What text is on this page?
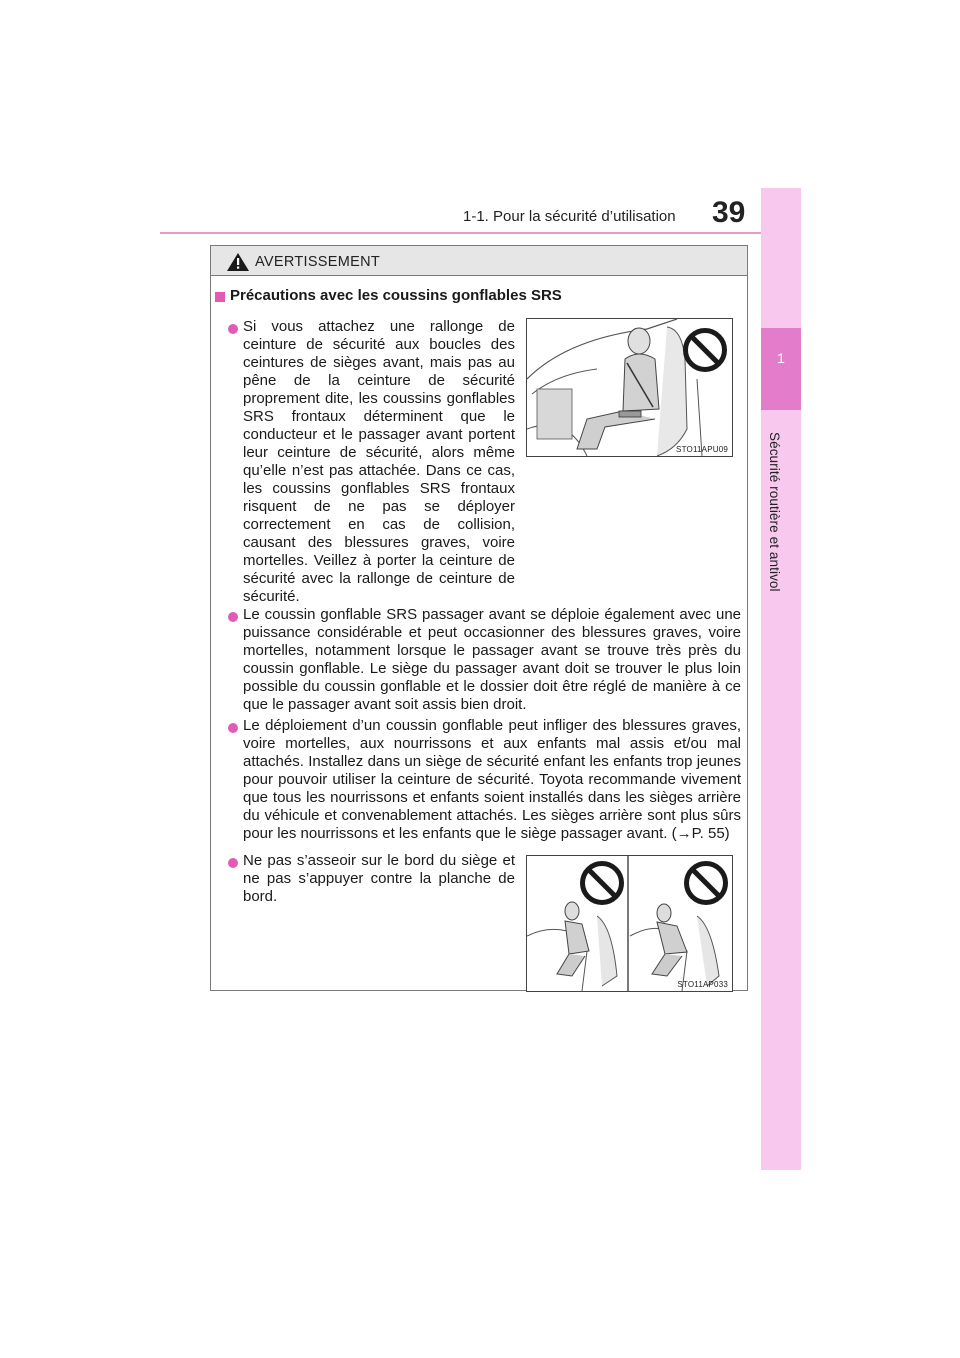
1-1. Pour la sécurité d’utilisation 39
1
Sécurité routière et antivol
AVERTISSEMENT
Précautions avec les coussins gonflables SRS
Si vous attachez une rallonge de ceinture de sécurité aux boucles des ceintures de sièges avant, mais pas au pêne de la ceinture de sécurité proprement dite, les coussins gonflables SRS frontaux déterminent que le conducteur et le passager avant portent leur ceinture de sécurité, alors même qu’elle n’est pas attachée. Dans ce cas, les coussins gonflables SRS frontaux risquent de ne pas se déployer correctement en cas de collision, causant des blessures graves, voire mortelles. Veillez à porter la ceinture de sécurité avec la rallonge de ceinture de sécurité.
STO11APU09
Le coussin gonflable SRS passager avant se déploie également avec une puissance considérable et peut occasionner des blessures graves, voire mortelles, notamment lorsque le passager avant se trouve très près du coussin gonflable. Le siège du passager avant doit se trouver le plus loin possible du coussin gonflable et le dossier doit être réglé de manière à ce que le passager avant soit assis bien droit.
Le déploiement d’un coussin gonflable peut infliger des blessures graves, voire mortelles, aux nourrissons et aux enfants mal assis et/ou mal attachés. Installez dans un siège de sécurité enfant les enfants trop jeunes pour pouvoir utiliser la ceinture de sécurité. Toyota recommande vivement que tous les nourrissons et enfants soient installés dans les sièges arrière du véhicule et convenablement attachés. Les sièges arrière sont plus sûrs pour les nourrissons et les enfants que le siège passager avant. (→P. 55)
Ne pas s’asseoir sur le bord du siège et ne pas s’appuyer contre la planche de bord.
STO11AP033
